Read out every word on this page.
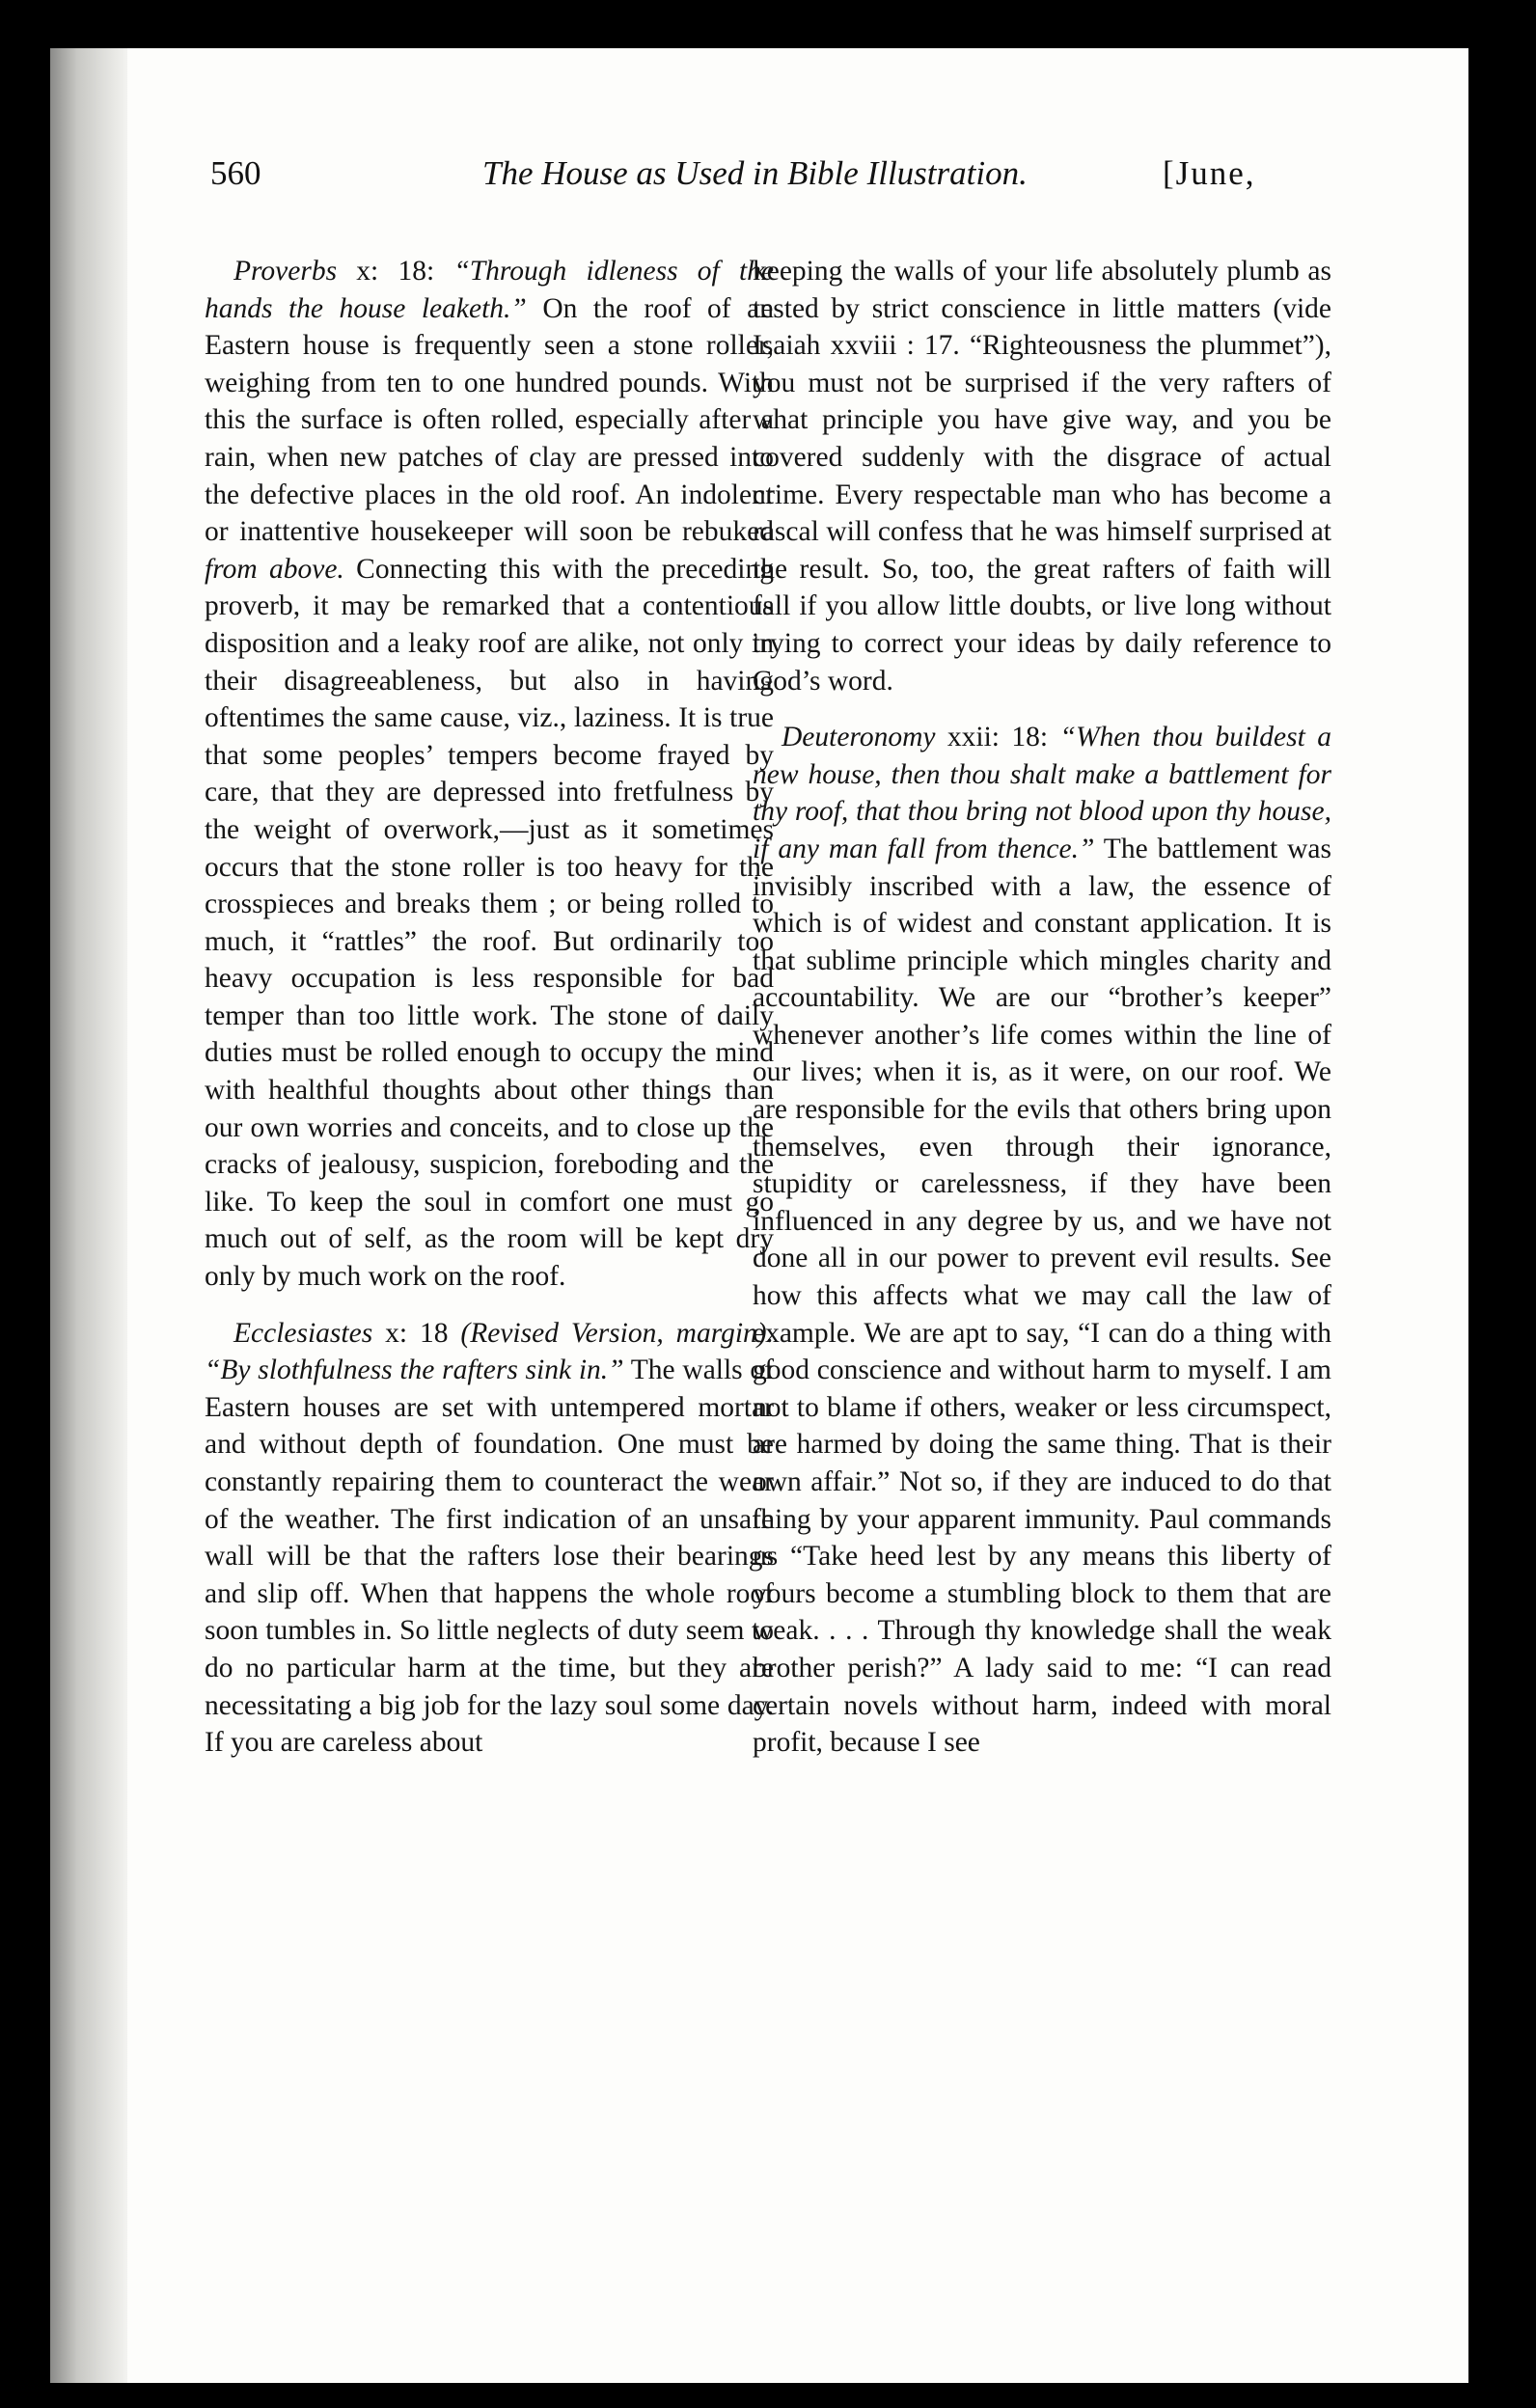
560	The House as Used in Bible Illustration.	[June,

Proverbs x: 18: “Through idleness of the hands the house leaketh.” On the roof of an Eastern house is frequently seen a stone roller, weighing from ten to one hundred pounds. With this the surface is often rolled, especially after a rain, when new patches of clay are pressed into the defective places in the old roof. An indolent or inattentive housekeeper will soon be rebuked from above. Connecting this with the preceding proverb, it may be remarked that a contentious disposition and a leaky roof are alike, not only in their disagreeableness, but also in having oftentimes the same cause, viz., laziness. It is true that some peoples’ tempers become frayed by care, that they are depressed into fretfulness by the weight of overwork,—just as it sometimes occurs that the stone roller is too heavy for the crosspieces and breaks them ; or being rolled to much, it “rattles” the roof. But ordinarily too heavy occupation is less responsible for bad temper than too little work. The stone of daily duties must be rolled enough to occupy the mind with healthful thoughts about other things than our own worries and conceits, and to close up the cracks of jealousy, suspicion, foreboding and the like. To keep the soul in comfort one must go much out of self, as the room will be kept dry only by much work on the roof.

Ecclesiastes x: 18 (Revised Version, margin). “By slothfulness the rafters sink in.” The walls of Eastern houses are set with untempered mortar and without depth of foundation. One must be constantly repairing them to counteract the wear of the weather. The first indication of an unsafe wall will be that the rafters lose their bearings and slip off. When that happens the whole roof soon tumbles in. So little neglects of duty seem to do no particular harm at the time, but they are necessitating a big job for the lazy soul some day. If you are careless about

keeping the walls of your life absolutely plumb as tested by strict conscience in little matters (vide Isaiah xxviii : 17. “Righteousness the plummet”), you must not be surprised if the very rafters of what principle you have give way, and you be covered suddenly with the disgrace of actual crime. Every respectable man who has become a rascal will confess that he was himself surprised at the result. So, too, the great rafters of faith will fall if you allow little doubts, or live long without trying to correct your ideas by daily reference to God’s word.

Deuteronomy xxii: 18: “When thou buildest a new house, then thou shalt make a battlement for thy roof, that thou bring not blood upon thy house, if any man fall from thence.” The battlement was invisibly inscribed with a law, the essence of which is of widest and constant application. It is that sublime principle which mingles charity and accountability. We are our “brother’s keeper” whenever another’s life comes within the line of our lives; when it is, as it were, on our roof. We are responsible for the evils that others bring upon themselves, even through their ignorance, stupidity or carelessness, if they have been influenced in any degree by us, and we have not done all in our power to prevent evil results. See how this affects what we may call the law of example. We are apt to say, “I can do a thing with good conscience and without harm to myself. I am not to blame if others, weaker or less circumspect, are harmed by doing the same thing. That is their own affair.” Not so, if they are induced to do that thing by your apparent immunity. Paul commands us “Take heed lest by any means this liberty of yours become a stumbling block to them that are weak. . . . Through thy knowledge shall the weak brother perish?” A lady said to me: “I can read certain novels without harm, indeed with moral profit, because I see
